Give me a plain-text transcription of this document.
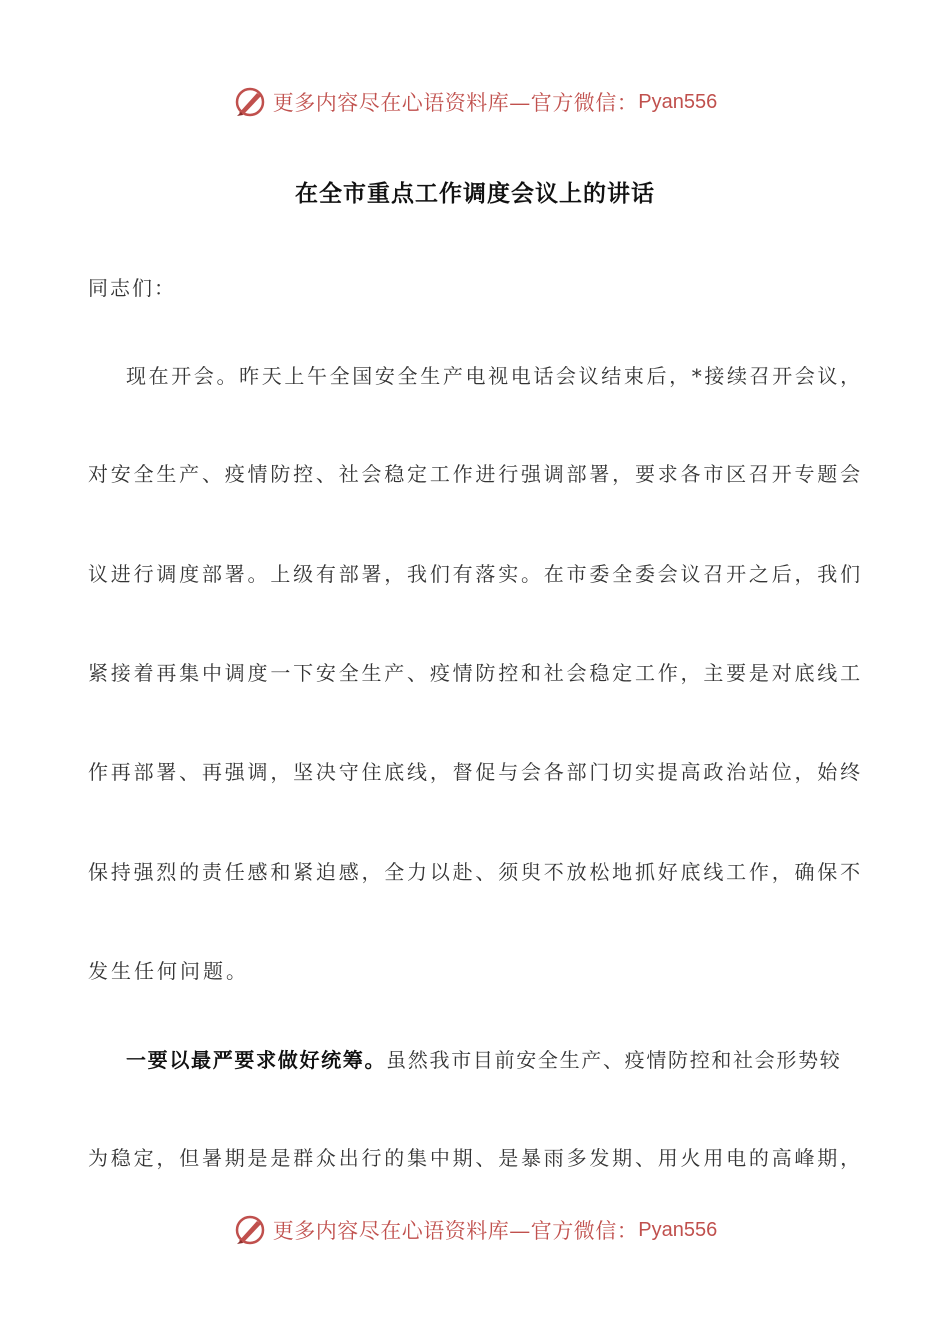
更多内容尽在心语资料库—官方微信： Pyan556
在全市重点工作调度会议上的讲话
同志们：
现在开会。昨天上午全国安全生产电视电话会议结束后，*接续召开会议，
对安全生产、疫情防控、社会稳定工作进行强调部署，要求各市区召开专题会
议进行调度部署。上级有部署，我们有落实。在市委全委会议召开之后，我们
紧接着再集中调度一下安全生产、疫情防控和社会稳定工作，主要是对底线工
作再部署、再强调，坚决守住底线，督促与会各部门切实提高政治站位，始终
保持强烈的责任感和紧迫感，全力以赴、须臾不放松地抓好底线工作，确保不
发生任何问题。
一要以最严要求做好统筹。虽然我市目前安全生产、疫情防控和社会形势较
为稳定，但暑期是是群众出行的集中期、是暴雨多发期、用火用电的高峰期，
更多内容尽在心语资料库—官方微信： Pyan556
